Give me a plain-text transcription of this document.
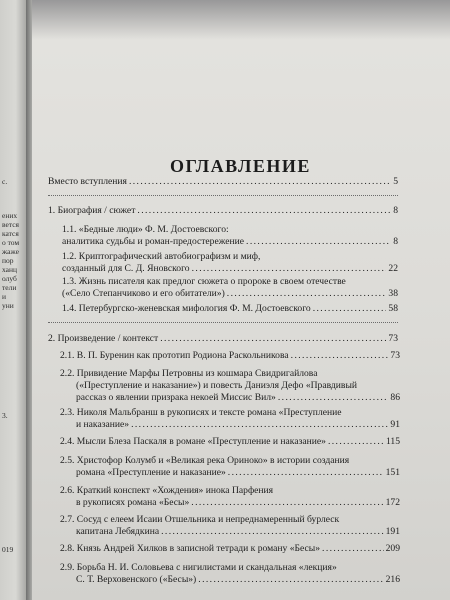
с.
ених
вется
катся
о том
жаже
пор
ханц
олуб
тели
и
уни
3.
019
ОГЛАВЛЕНИЕ
Вместо вступления . . .	5
1. Биография / сюжет . . .	8
1.1. «Бедные люди» Ф. М. Достоевского:
аналитика судьбы и роман-предостережение . . .	8
1.2. Криптографический автобиографизм и миф,
созданный для С. Д. Яновского . . .	22
1.3. Жизнь писателя как предлог сюжета о пророке в своем отечестве
(«Село Степанчиково и его обитатели») . . .	38
1.4. Петербургско-женевская мифология Ф. М. Достоевского . . .	58
2. Произведение / контекст . . .	73
2.1. В. П. Буренин как прототип Родиона Раскольникова . . .	73
2.2. Привидение Марфы Петровны из кошмара Свидригайлова
(«Преступление и наказание») и повесть Даниэля Дефо «Правдивый
рассказ о явлении призрака некоей Миссис Вил» . . .	86
2.3. Николя Мальбранш в рукописях и тексте романа «Преступление
и наказание» . . .	91
2.4. Мысли Блеза Паскаля в романе «Преступление и наказание» . . .	115
2.5. Христофор Колумб и «Великая река Ориноко» в истории создания
романа «Преступление и наказание» . . .	151
2.6. Краткий конспект «Хождения» инока Парфения
в рукописях романа «Бесы» . . .	172
2.7. Сосуд с елеем Исаии Отшельника и непреднамеренный бурлеск
капитана Лебядкина . . .	191
2.8. Князь Андрей Хилков в записной тетради к роману «Бесы» . . .	209
2.9. Борьба Н. И. Соловьева с нигилистами и скандальная «лекция»
С. Т. Верховенского («Бесы») . . .	216
